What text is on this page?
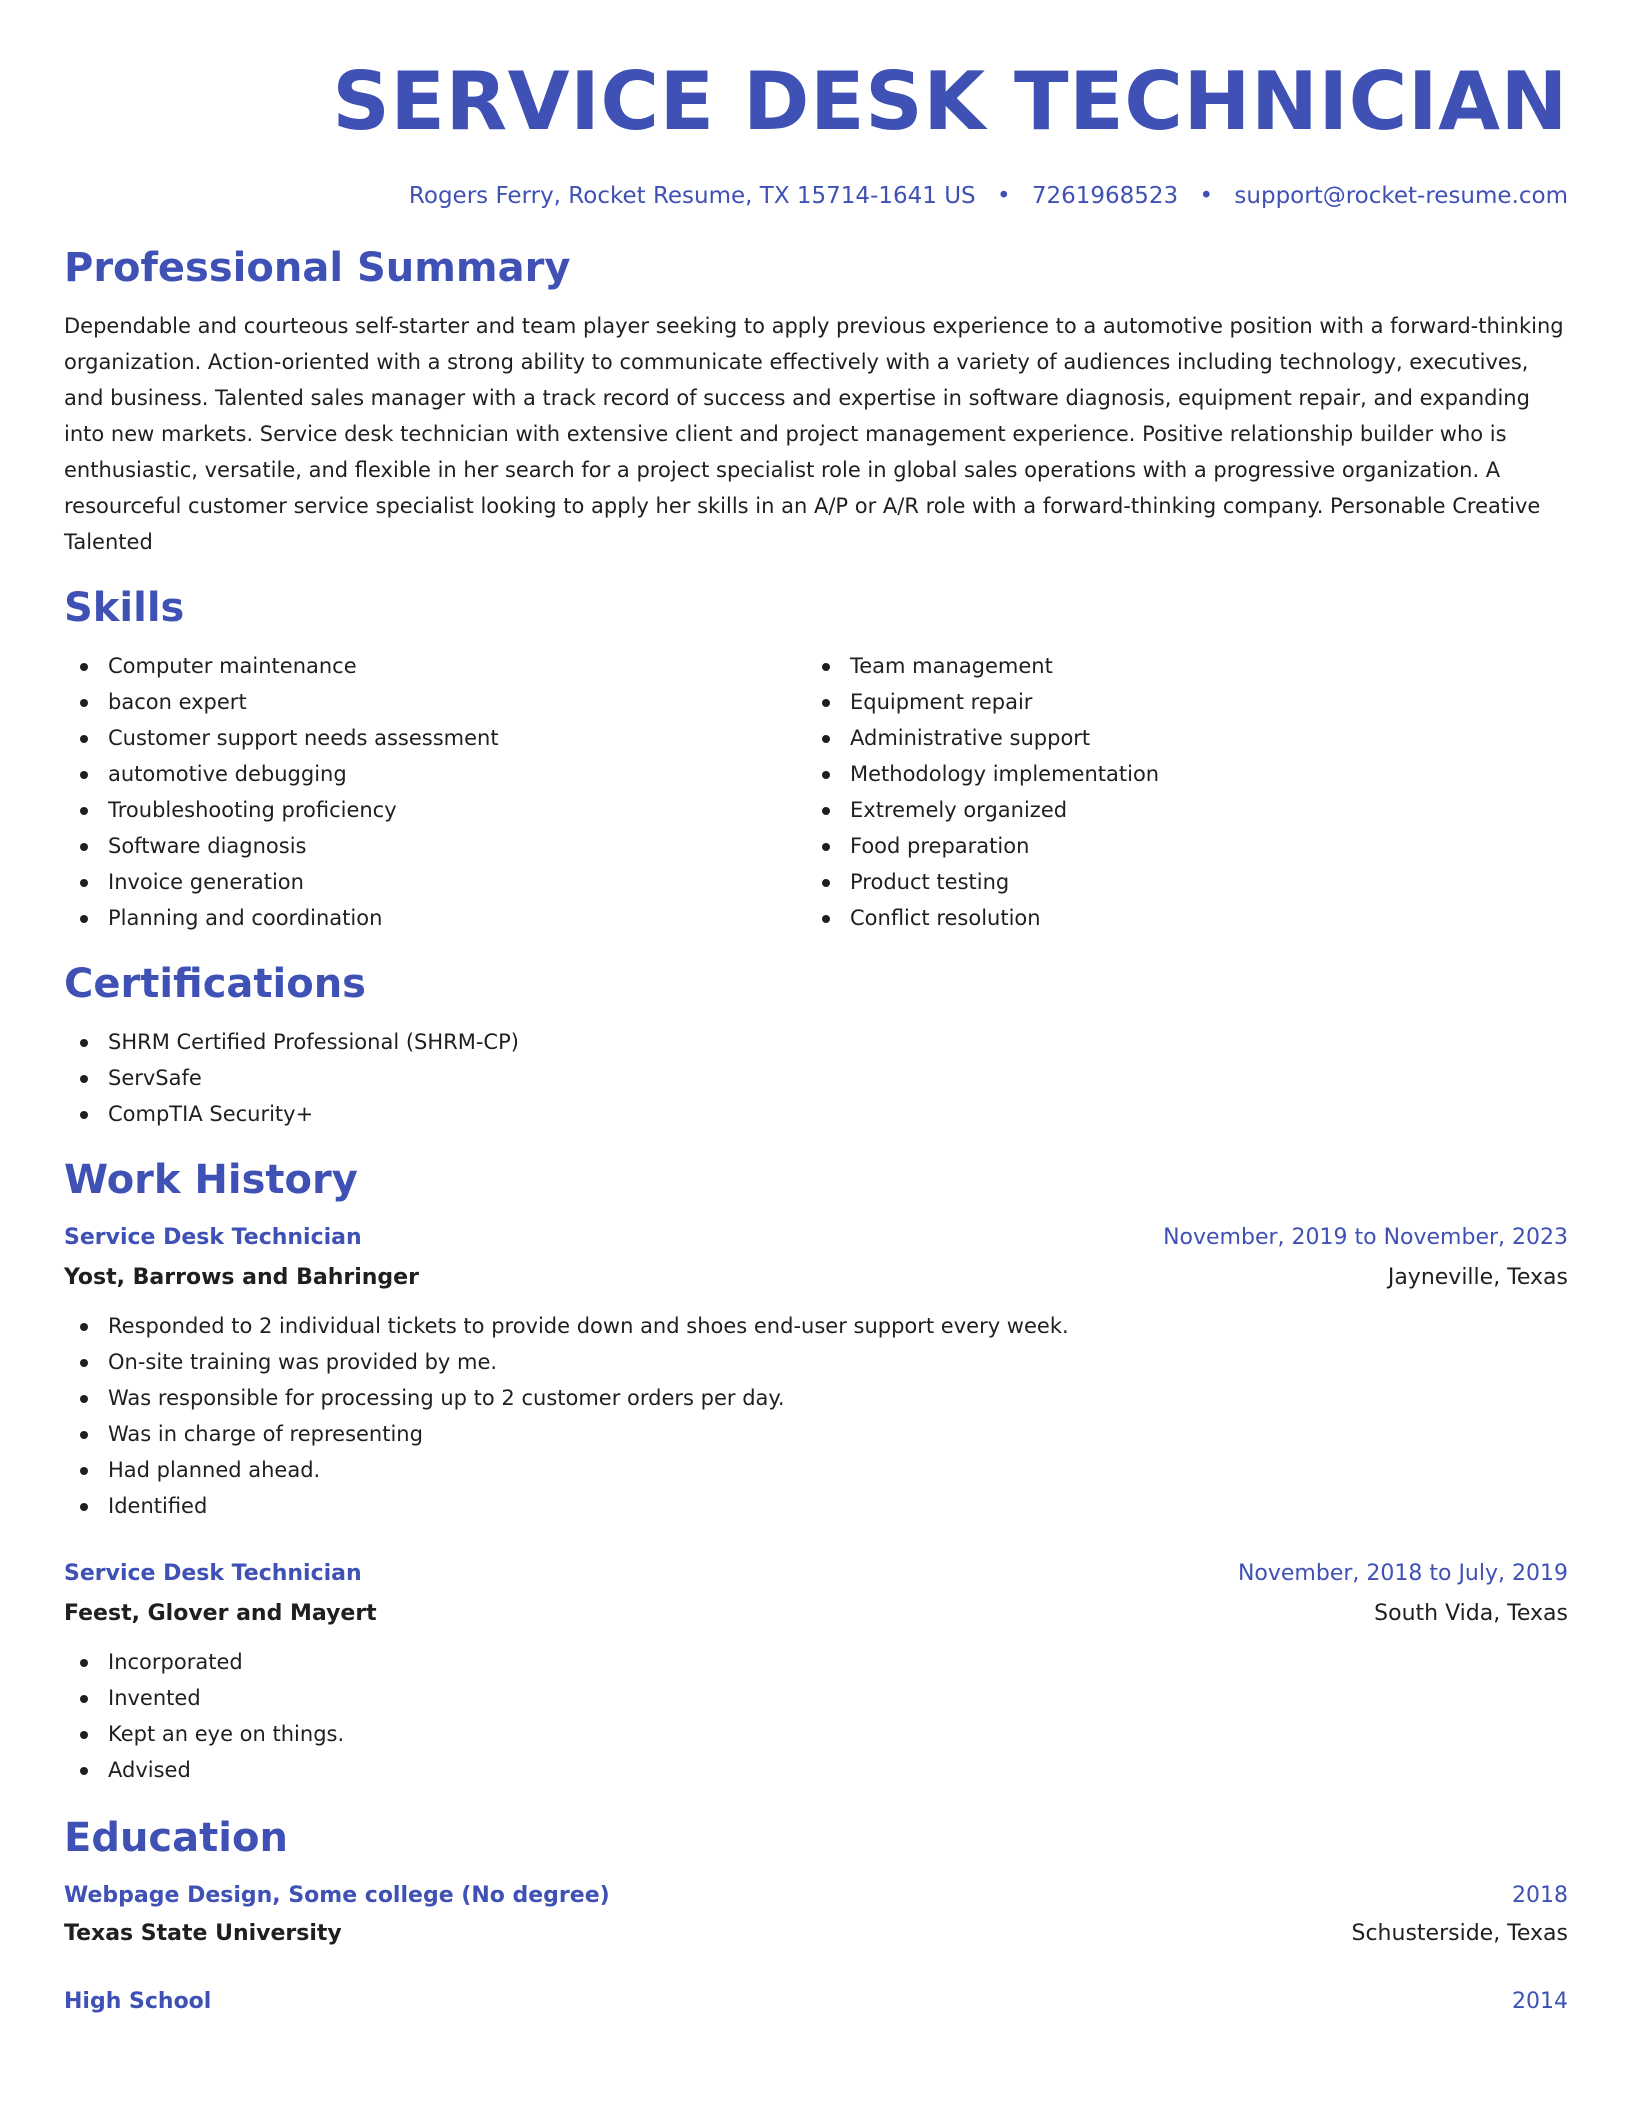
SERVICE DESK TECHNICIAN
Rogers Ferry, Rocket Resume, TX 15714-1641 US • 7261968523 • support@rocket-resume.com
Professional Summary

Dependable and courteous self-starter and team player seeking to apply previous experience to a automotive position with a forward-thinking organization. Action-oriented with a strong ability to communicate effectively with a variety of audiences including technology, executives, and business. Talented sales manager with a track record of success and expertise in software diagnosis, equipment repair, and expanding into new markets. Service desk technician with extensive client and project management experience. Positive relationship builder who is enthusiastic, versatile, and flexible in her search for a project specialist role in global sales operations with a progressive organization. A resourceful customer service specialist looking to apply her skills in an A/P or A/R role with a forward-thinking company. Personable Creative Talented

Skills
Computer maintenance
bacon expert
Customer support needs assessment
automotive debugging
Troubleshooting proficiency
Software diagnosis
Invoice generation
Planning and coordination
Team management
Equipment repair
Administrative support
Methodology implementation
Extremely organized
Food preparation
Product testing
Conflict resolution
Certifications
SHRM Certified Professional (SHRM-CP)
ServSafe
CompTIA Security+
Work History
Service Desk Technician	November, 2019 to November, 2023
Yost, Barrows and Bahringer	Jayneville, Texas
Responded to 2 individual tickets to provide down and shoes end-user support every week.
On-site training was provided by me.
Was responsible for processing up to 2 customer orders per day.
Was in charge of representing
Had planned ahead.
Identified
Service Desk Technician	November, 2018 to July, 2019
Feest, Glover and Mayert	South Vida, Texas
Incorporated
Invented
Kept an eye on things.
Advised
Education
Webpage Design, Some college (No degree)	2018
Texas State University	Schusterside, Texas
High School	2014
